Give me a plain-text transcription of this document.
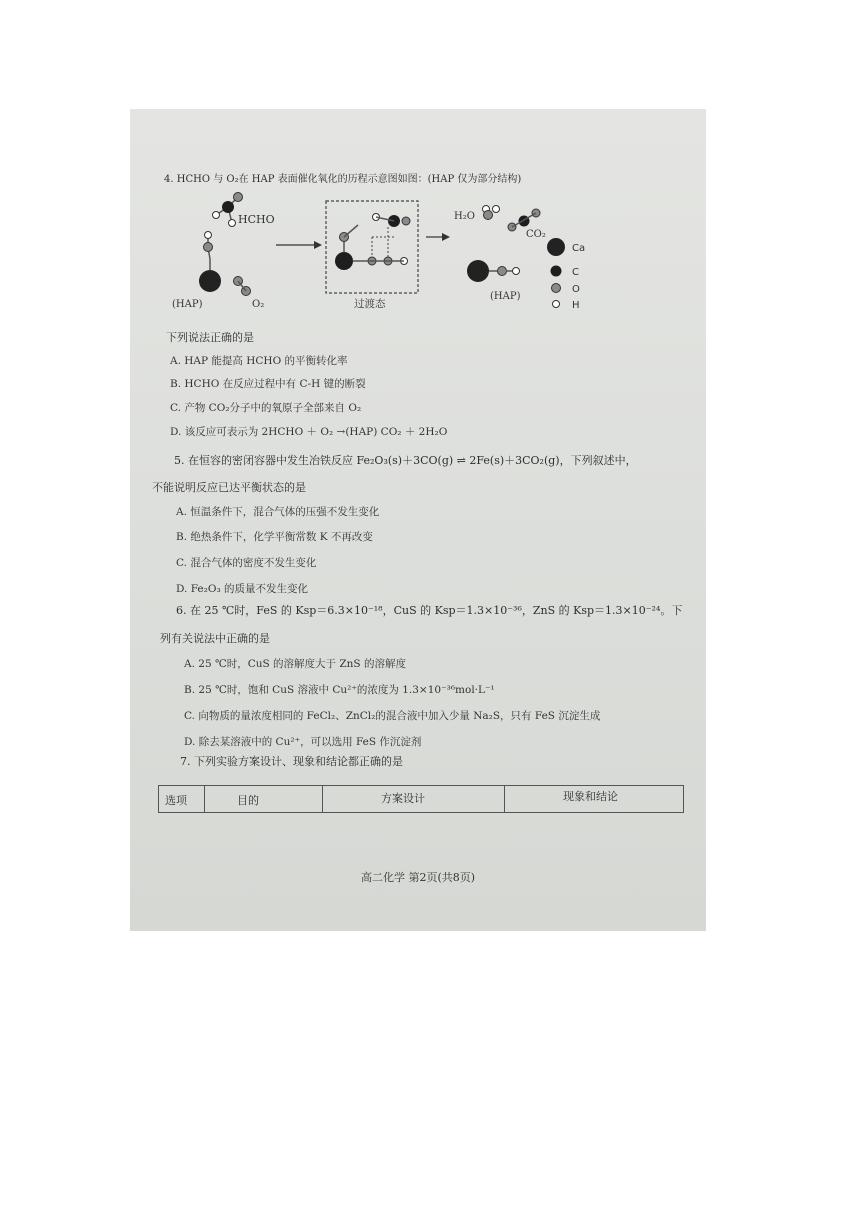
4. HCHO 与 O₂在 HAP 表面催化氧化的历程示意图如图：(HAP 仅为部分结构)
HCHO
(HAP)	O₂	过渡态
H₂O
CO₂
(HAP)
Ca
C
O
H
下列说法正确的是
A. HAP 能提高 HCHO 的平衡转化率
B. HCHO 在反应过程中有 C-H 键的断裂
C. 产物 CO₂分子中的氧原子全部来自 O₂
D. 该反应可表示为 2HCHO ＋ O₂ →(HAP) CO₂ ＋ 2H₂O
5. 在恒容的密闭容器中发生冶铁反应 Fe₂O₃(s)＋3CO(g) ⇌ 2Fe(s)＋3CO₂(g)，下列叙述中，
不能说明反应已达平衡状态的是
A. 恒温条件下，混合气体的压强不发生变化
B. 绝热条件下，化学平衡常数 K 不再改变
C. 混合气体的密度不发生变化
D. Fe₂O₃ 的质量不发生变化
6. 在 25 ℃时，FeS 的 Ksp＝6.3×10⁻¹⁸，CuS 的 Ksp＝1.3×10⁻³⁶，ZnS 的 Ksp＝1.3×10⁻²⁴。下
列有关说法中正确的是
A. 25 ℃时，CuS 的溶解度大于 ZnS 的溶解度
B. 25 ℃时，饱和 CuS 溶液中 Cu²⁺的浓度为 1.3×10⁻³⁶mol·L⁻¹
C. 向物质的量浓度相同的 FeCl₂、ZnCl₂的混合液中加入少量 Na₂S，只有 FeS 沉淀生成
D. 除去某溶液中的 Cu²⁺，可以选用 FeS 作沉淀剂
7. 下列实验方案设计、现象和结论都正确的是
选项	目的	方案设计	现象和结论
高二化学 第2页(共8页)
